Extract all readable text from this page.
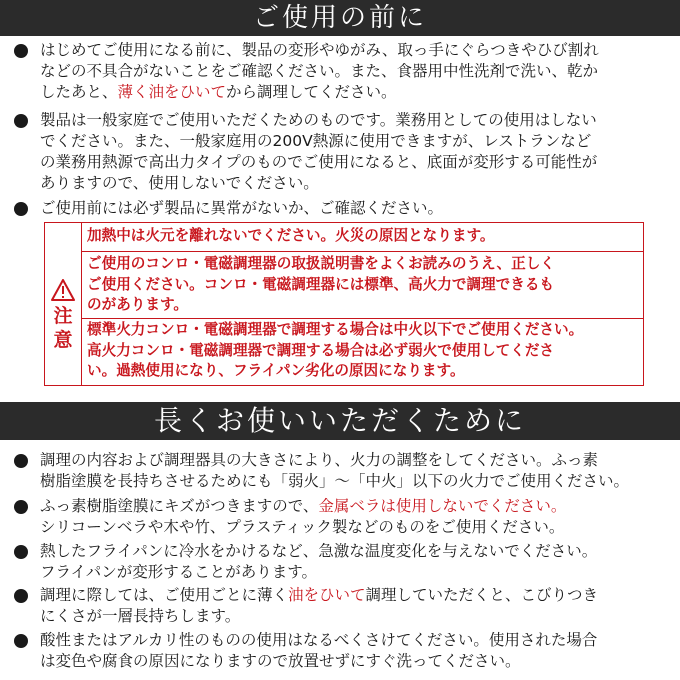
ご使用の前に
はじめてご使用になる前に、製品の変形やゆがみ、取っ手にぐらつきやひび割れ
などの不具合がないことをご確認ください。また、食器用中性洗剤で洗い、乾か
したあと、薄く油をひいてから調理してください。
製品は一般家庭でご使用いただくためのものです。業務用としての使用はしない
でください。また、一般家庭用の200V熱源に使用できますが、レストランなど
の業務用熱源で高出力タイプのものでご使用になると、底面が変形する可能性が
ありますので、使用しないでください。
ご使用前には必ず製品に異常がないか、ご確認ください。
注
意
加熱中は火元を離れないでください。火災の原因となります。
ご使用のコンロ・電磁調理器の取扱説明書をよくお読みのうえ、正しく
ご使用ください。コンロ・電磁調理器には標準、高火力で調理できるも
のがあります。
標準火力コンロ・電磁調理器で調理する場合は中火以下でご使用ください。
高火力コンロ・電磁調理器で調理する場合は必ず弱火で使用してくださ
い。過熱使用になり、フライパン劣化の原因になります。
長くお使いいただくために
調理の内容および調理器具の大きさにより、火力の調整をしてください。ふっ素
樹脂塗膜を長持ちさせるためにも「弱火」〜「中火」以下の火力でご使用ください。
ふっ素樹脂塗膜にキズがつきますので、金属ベラは使用しないでください。
シリコーンベラや木や竹、プラスティック製などのものをご使用ください。
熱したフライパンに冷水をかけるなど、急激な温度変化を与えないでください。
フライパンが変形することがあります。
調理に際しては、ご使用ごとに薄く油をひいて調理していただくと、こびりつき
にくさが一層長持ちします。
酸性またはアルカリ性のものの使用はなるべくさけてください。使用された場合
は変色や腐食の原因になりますので放置せずにすぐ洗ってください。
